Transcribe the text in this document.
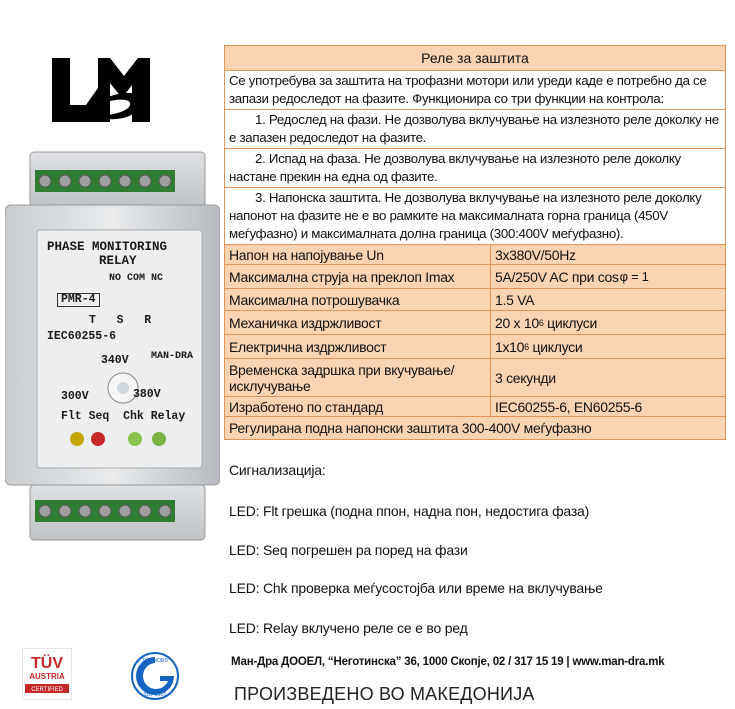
PHASE MONITORING
RELAY
NO COM NC
PMR-4
T   S   R
IEC60255-6
MAN-DRA
340V
300V	380V
Flt Seq  Chk Relay
Реле за заштита
Се употребува за заштита на трофазни мотори или уреди каде е потребно да се запази редоследот на фазите. Функционира со три функции на контрола:
1. Редослед на фази. Не дозволува вклучување на излезното реле доколку не е запазен редоследот на фазите.
2. Испад на фаза. Не дозволува вклучување на излезното реле доколку настане прекин на една од фазите.
3. Напонска заштита. Не дозволува вклучување на излезното реле доколку напонот на фазите не е во рамките на максималната горна граница (450V меѓуфазно) и максималната долна граница (300:400V меѓуфазно).
Напон на напојување Un	3x380V/50Hz
Максимална струја на преклоп Imax	5A/250V AC при cos φ = 1
Максимална потрошувачка	1.5 VA
Механичка издржливост	20 x 10 6 циклуси
Електрична издржливост	1x10 6 циклуси
Временска задршка при вкучување/исклучување	3 секунди
Изработено по стандард	IEC60255-6, EN60255-6
Регулирана подна напонски заштита 300-400V меѓуфазно
Сигнализација:
LED: Flt грешка (подна ппон, надна пон, недостига фаза)
LED: Seq погрешен ра поред на фази
LED: Chk проверка меѓусостојба или време на вклучување
LED: Relay вклучено реле се е во ред
TÜV
AUSTRIA
CERTIFIED
TÜV NORD
ISO 9001
Ман-Дра ДООЕЛ, “Неготинска” 36, 1000 Скопје, 02 / 317 15 19 | www.man-dra.mk
ПРОИЗВЕДЕНО ВО МАКЕДОНИЈА
